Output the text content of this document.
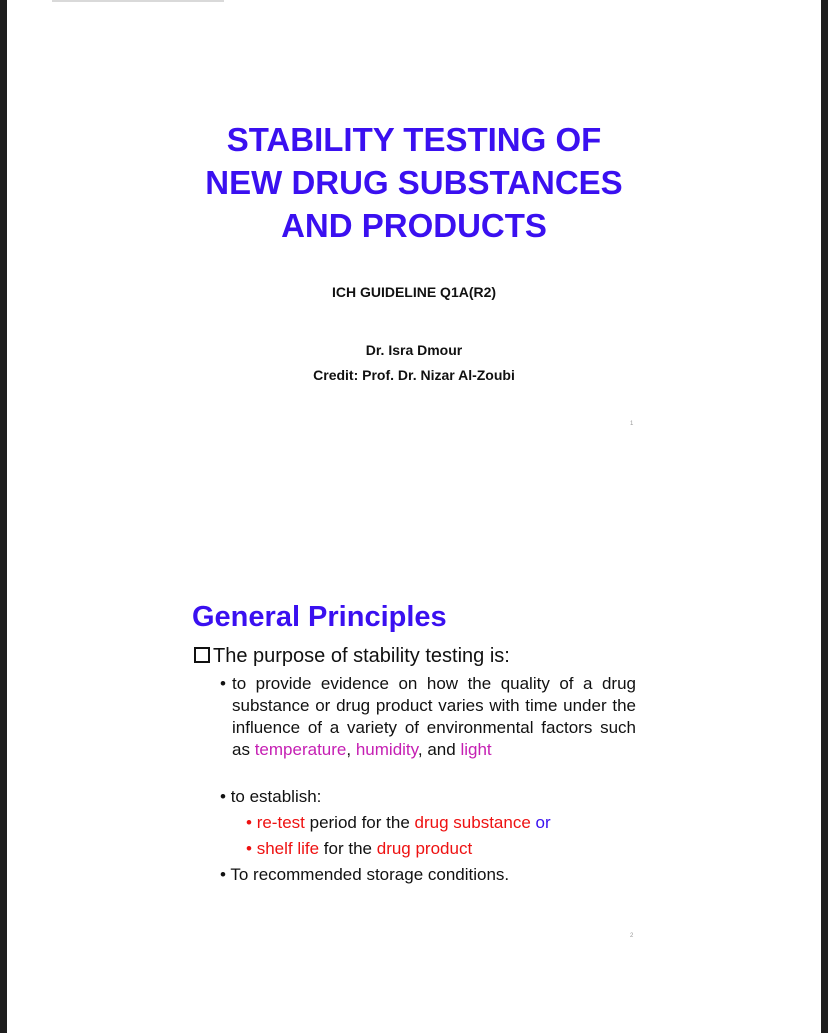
STABILITY TESTING OF
NEW DRUG SUBSTANCES
AND PRODUCTS
ICH GUIDELINE Q1A(R2)
Dr. Isra Dmour
Credit: Prof. Dr. Nizar Al-Zoubi
1
General Principles
The purpose of stability testing is:
• to provide evidence on how the quality of a drug substance or drug product varies with time under the influence of a variety of environmental factors such as temperature, humidity, and light
• to establish:
• re-test period for the drug substance or
• shelf life for the drug product
• To recommended storage conditions.
2
